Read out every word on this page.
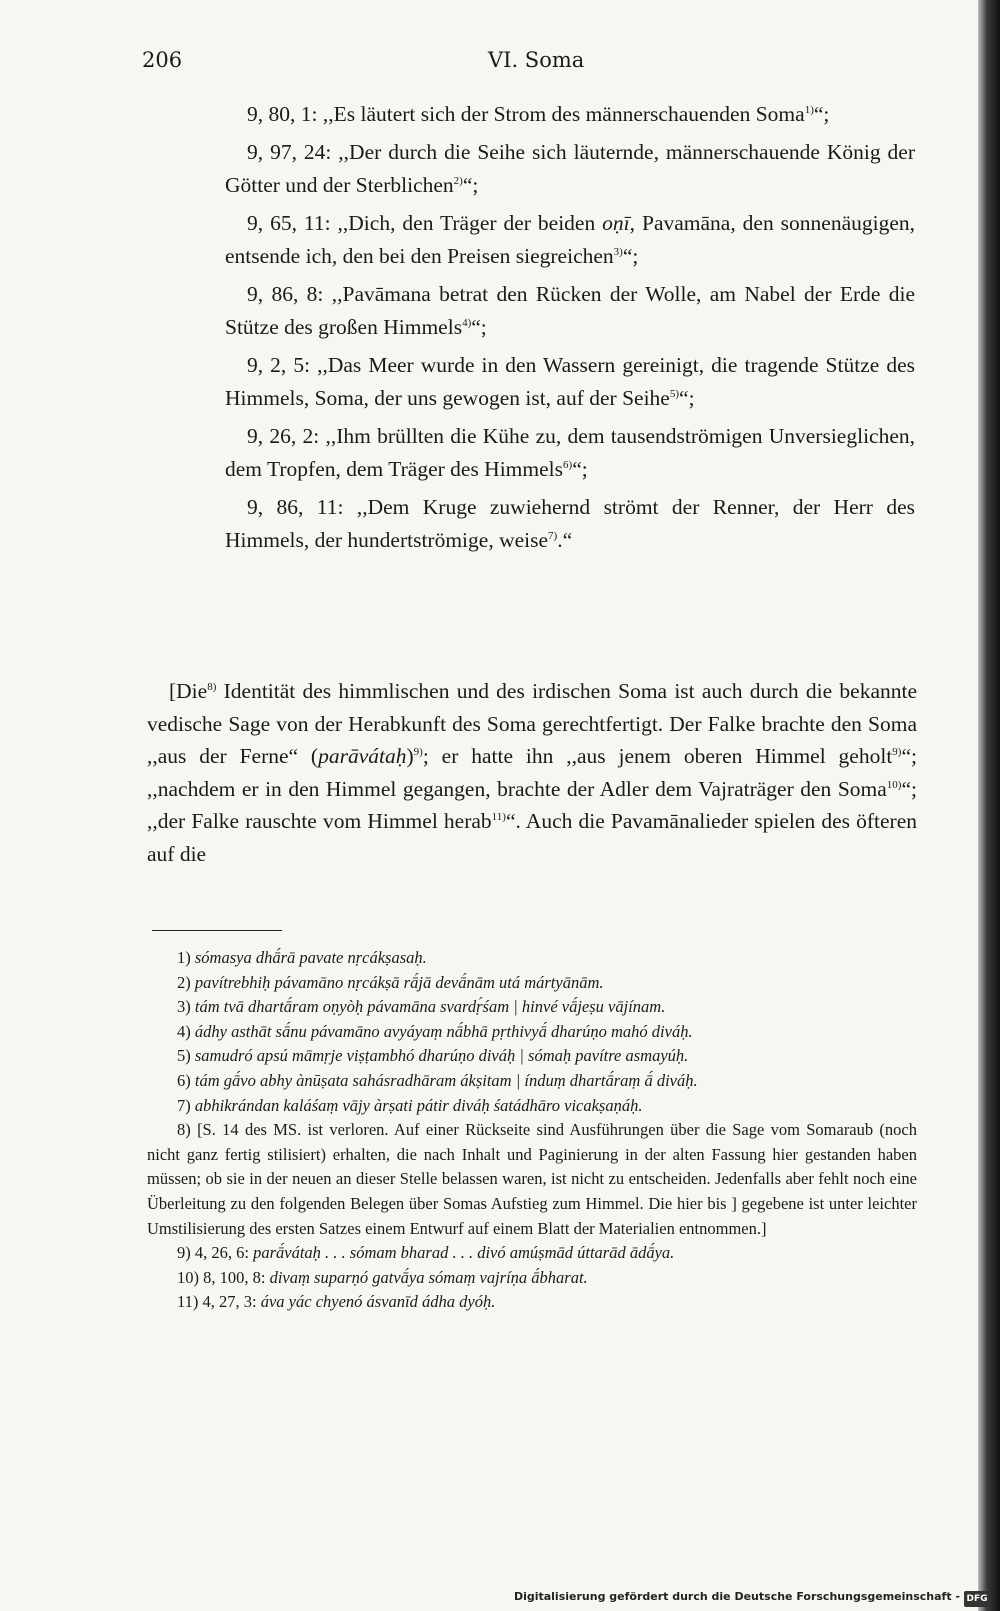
206	VI. Soma

9, 80, 1: ,,Es läutert sich der Strom des männerschauenden Soma$^{1)}$“;

9, 97, 24: ,,Der durch die Seihe sich läuternde, männerschauende König der Götter und der Sterblichen$^{2)}$“;

9, 65, 11: ,,Dich, den Träger der beiden oṇī, Pavamāna, den sonnenäugigen, entsende ich, den bei den Preisen siegreichen$^{3)}$“;

9, 86, 8: ,,Pavāmana betrat den Rücken der Wolle, am Nabel der Erde die Stütze des großen Himmels$^{4)}$“;

9, 2, 5: ,,Das Meer wurde in den Wassern gereinigt, die tragende Stütze des Himmels, Soma, der uns gewogen ist, auf der Seihe$^{5)}$“;

9, 26, 2: ,,Ihm brüllten die Kühe zu, dem tausendströmigen Unversieglichen, dem Tropfen, dem Träger des Himmels$^{6)}$“;

9, 86, 11: ,,Dem Kruge zuwiehernd strömt der Renner, der Herr des Himmels, der hundertströmige, weise$^{7)}$.“

[Die$^{8)}$ Identität des himmlischen und des irdischen Soma ist auch durch die bekannte vedische Sage von der Herabkunft des Soma gerechtfertigt. Der Falke brachte den Soma ,,aus der Ferne“ (parāvátaḥ)$^{9)}$; er hatte ihn ,,aus jenem oberen Himmel geholt$^{9)}$“; ,,nachdem er in den Himmel gegangen, brachte der Adler dem Vajraträger den Soma$^{10)}$“; ,,der Falke rauschte vom Himmel herab$^{11)}$“. Auch die Pavamānalieder spielen des öfteren auf die

1) sómasya dhā́rā pavate nṛcákṣasaḥ.

2) pavítrebhiḥ pávamāno nṛcákṣā rā́jā devā́nām utá mártyānām.

3) tám tvā dhartā́ram oṇyòḥ pávamāna svardṛ́śam | hinvé vā́jeṣu vājínam.

4) ádhy asthāt sā́nu pávamāno avyáyaṃ nā́bhā pṛthivyā́ dharúṇo mahó diváḥ.

5) samudró apsú māmṛje viṣṭambhó dharúṇo diváḥ | sómaḥ pavítre asmayúḥ.

6) tám gā́vo abhy ànūṣata sahásradhāram ákṣitam | índuṃ dhartā́raṃ ā́ diváḥ.

7) abhikrándan kaláśaṃ vājy àrṣati pátir diváḥ śatádhāro vicakṣaṇáḥ.

8) [S. 14 des MS. ist verloren. Auf einer Rückseite sind Ausführungen über die Sage vom Somaraub (noch nicht ganz fertig stilisiert) erhalten, die nach Inhalt und Paginierung in der alten Fassung hier gestanden haben müssen; ob sie in der neuen an dieser Stelle belassen waren, ist nicht zu entscheiden. Jedenfalls aber fehlt noch eine Überleitung zu den folgenden Belegen über Somas Aufstieg zum Himmel. Die hier bis ] gegebene ist unter leichter Umstilisierung des ersten Satzes einem Entwurf auf einem Blatt der Materialien entnommen.]

9) 4, 26, 6: parā́vátaḥ . . . sómam bharad . . . divó amúṣmād úttarād ādā́ya.

10) 8, 100, 8: divaṃ suparṇó gatvā́ya sómaṃ vajríṇa ā́bharat.

11) 4, 27, 3: áva yác chyenó ásvanīd ádha dyóḥ.

Digitalisierung gefördert durch die Deutsche Forschungsgemeinschaft - DFG
